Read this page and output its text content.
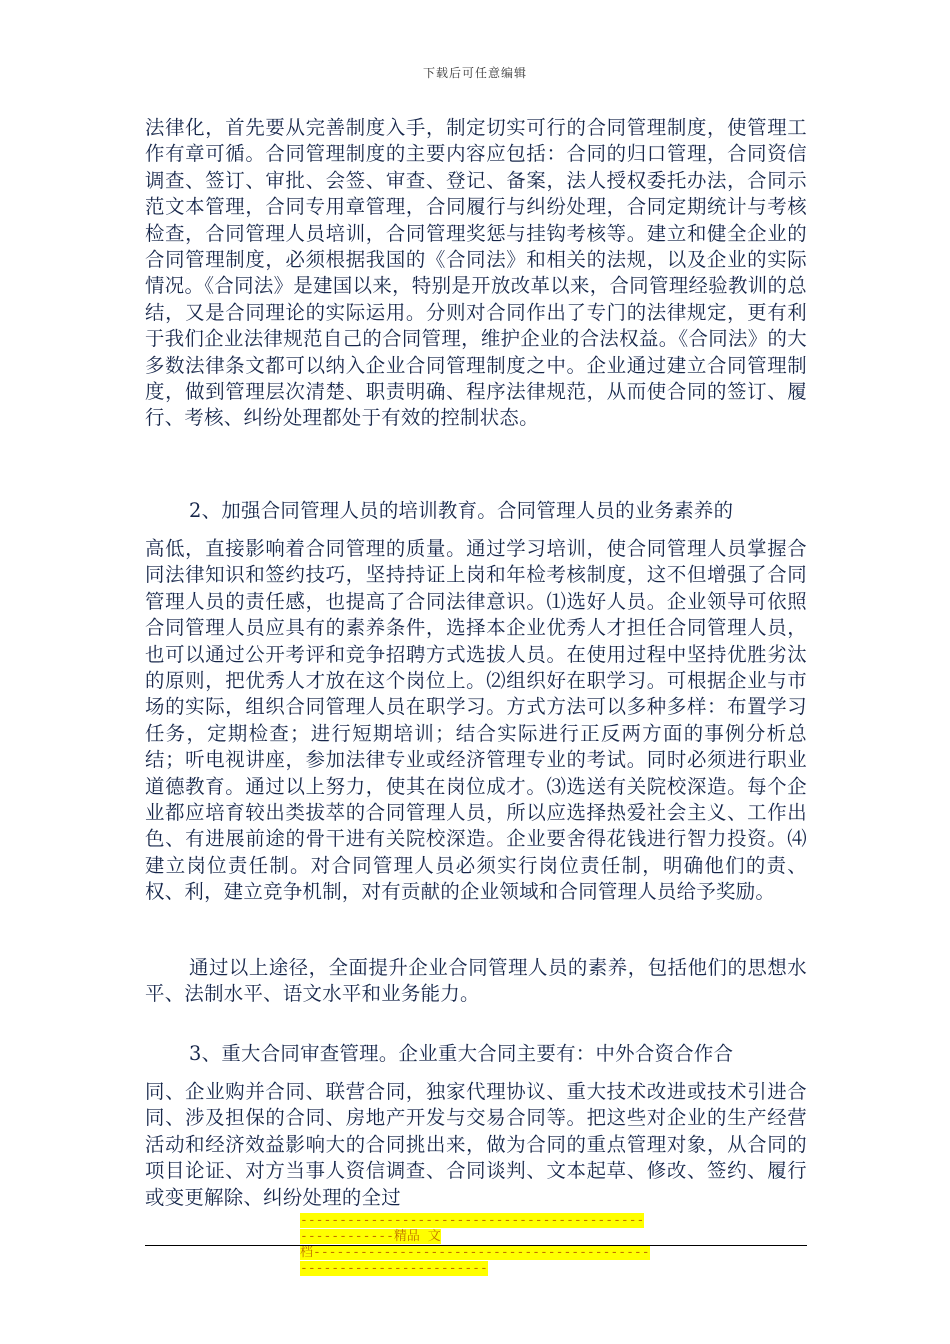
下载后可任意编辑

法律化，首先要从完善制度入手，制定切实可行的合同管理制度，使管理工作有章可循。合同管理制度的主要内容应包括：合同的归口管理，合同资信调查、签订、审批、会签、审查、登记、备案，法人授权委托办法，合同示范文本管理，合同专用章管理，合同履行与纠纷处理，合同定期统计与考核检查，合同管理人员培训，合同管理奖惩与挂钩考核等。建立和健全企业的合同管理制度，必须根据我国的《合同法》和相关的法规，以及企业的实际情况。《合同法》是建国以来，特别是开放改革以来，合同管理经验教训的总结，又是合同理论的实际运用。分则对合同作出了专门的法律规定，更有利于我们企业法律规范自己的合同管理，维护企业的合法权益。《合同法》的大多数法律条文都可以纳入企业合同管理制度之中。企业通过建立合同管理制度，做到管理层次清楚、职责明确、程序法律规范，从而使合同的签订、履行、考核、纠纷处理都处于有效的控制状态。

2、加强合同管理人员的培训教育。合同管理人员的业务素养的

高低，直接影响着合同管理的质量。通过学习培训，使合同管理人员掌握合同法律知识和签约技巧，坚持持证上岗和年检考核制度，这不但增强了合同管理人员的责任感，也提高了合同法律意识。⑴选好人员。企业领导可依照合同管理人员应具有的素养条件，选择本企业优秀人才担任合同管理人员，也可以通过公开考评和竞争招聘方式选拔人员。在使用过程中坚持优胜劣汰的原则，把优秀人才放在这个岗位上。⑵组织好在职学习。可根据企业与市场的实际，组织合同管理人员在职学习。方式方法可以多种多样：布置学习任务，定期检查；进行短期培训；结合实际进行正反两方面的事例分析总结；听电视讲座，参加法律专业或经济管理专业的考试。同时必须进行职业道德教育。通过以上努力，使其在岗位成才。⑶选送有关院校深造。每个企业都应培育较出类拔萃的合同管理人员，所以应选择热爱社会主义、工作出色、有进展前途的骨干进有关院校深造。企业要舍得花钱进行智力投资。⑷建立岗位责任制。对合同管理人员必须实行岗位责任制，明确他们的责、权、利，建立竞争机制，对有贡献的企业领域和合同管理人员给予奖励。

通过以上途径，全面提升企业合同管理人员的素养，包括他们的思想水平、法制水平、语文水平和业务能力。

3、重大合同审查管理。企业重大合同主要有：中外合资合作合

同、企业购并合同、联营合同，独家代理协议、重大技术改进或技术引进合同、涉及担保的合同、房地产开发与交易合同等。把这些对企业的生产经营活动和经济效益影响大的合同挑出来，做为合同的重点管理对象，从合同的项目论证、对方当事人资信调查、合同谈判、文本起草、修改、签约、履行或变更解除、纠纷处理的全过

--------------------------------------------------------精品 文
档-------------------------------------------------------------------
